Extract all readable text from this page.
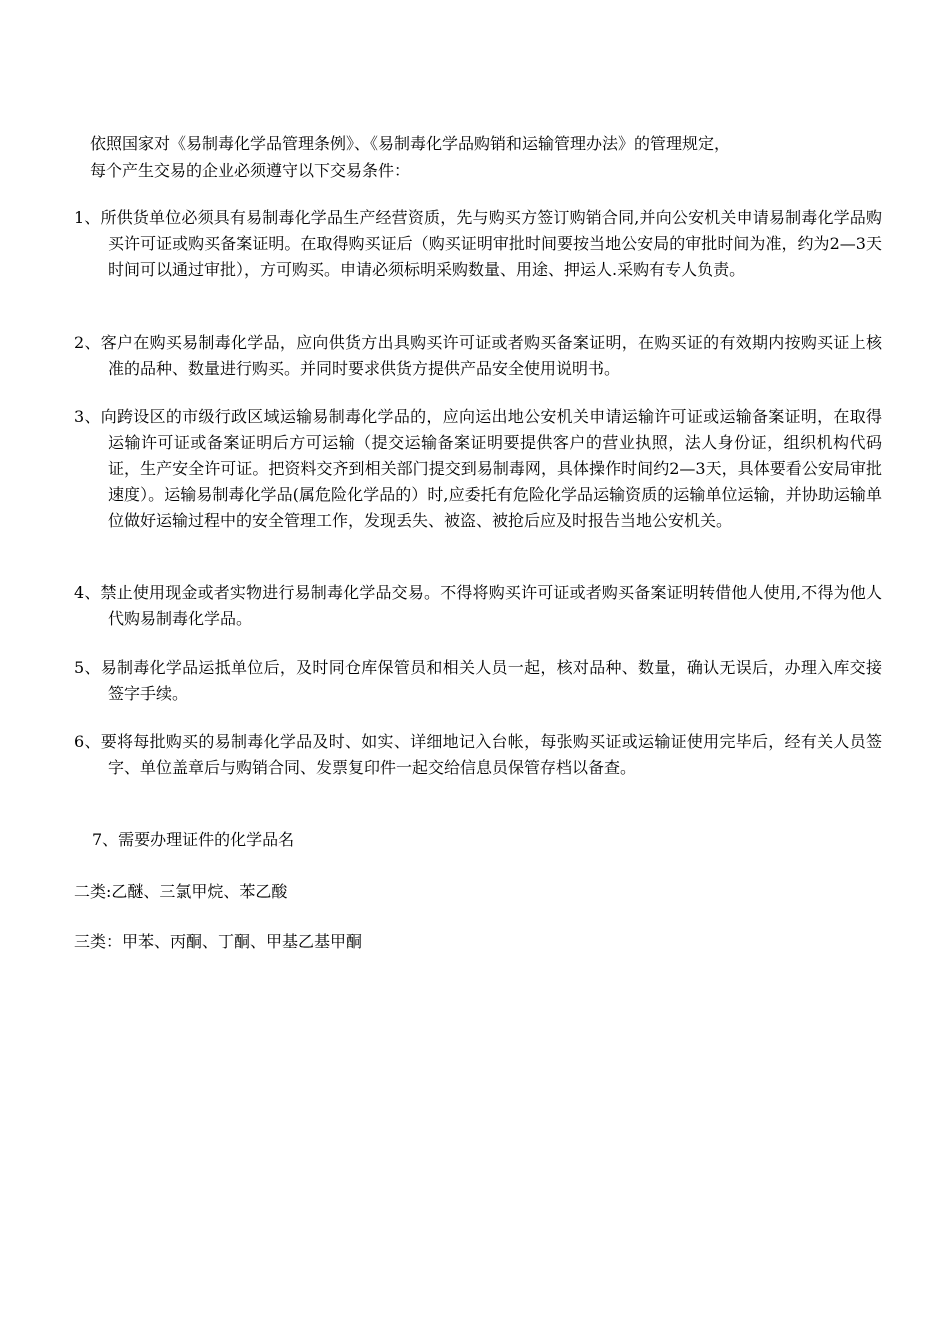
依照国家对《易制毒化学品管理条例》、《易制毒化学品购销和运输管理办法》的管理规定，
每个产生交易的企业必须遵守以下交易条件：
1、所供货单位必须具有易制毒化学品生产经营资质，先与购买方签订购销合同,并向公安机关申请易制毒化学品购买许可证或购买备案证明。在取得购买证后（购买证明审批时间要按当地公安局的审批时间为准，约为2—3天时间可以通过审批），方可购买。申请必须标明采购数量、用途、押运人.采购有专人负责。
2、客户在购买易制毒化学品，应向供货方出具购买许可证或者购买备案证明，在购买证的有效期内按购买证上核准的品种、数量进行购买。并同时要求供货方提供产品安全使用说明书。
3、向跨设区的市级行政区域运输易制毒化学品的，应向运出地公安机关申请运输许可证或运输备案证明，在取得运输许可证或备案证明后方可运输（提交运输备案证明要提供客户的营业执照，法人身份证，组织机构代码证，生产安全许可证。把资料交齐到相关部门提交到易制毒网，具体操作时间约2—3天，具体要看公安局审批速度）。运输易制毒化学品(属危险化学品的）时,应委托有危险化学品运输资质的运输单位运输，并协助运输单位做好运输过程中的安全管理工作，发现丢失、被盗、被抢后应及时报告当地公安机关。
4、禁止使用现金或者实物进行易制毒化学品交易。不得将购买许可证或者购买备案证明转借他人使用,不得为他人代购易制毒化学品。
5、易制毒化学品运抵单位后，及时同仓库保管员和相关人员一起，核对品种、数量，确认无误后，办理入库交接签字手续。
6、要将每批购买的易制毒化学品及时、如实、详细地记入台帐，每张购买证或运输证使用完毕后，经有关人员签字、单位盖章后与购销合同、发票复印件一起交给信息员保管存档以备查。
7、需要办理证件的化学品名
二类:乙醚、三氯甲烷、苯乙酸
三类：甲苯、丙酮、丁酮、甲基乙基甲酮
